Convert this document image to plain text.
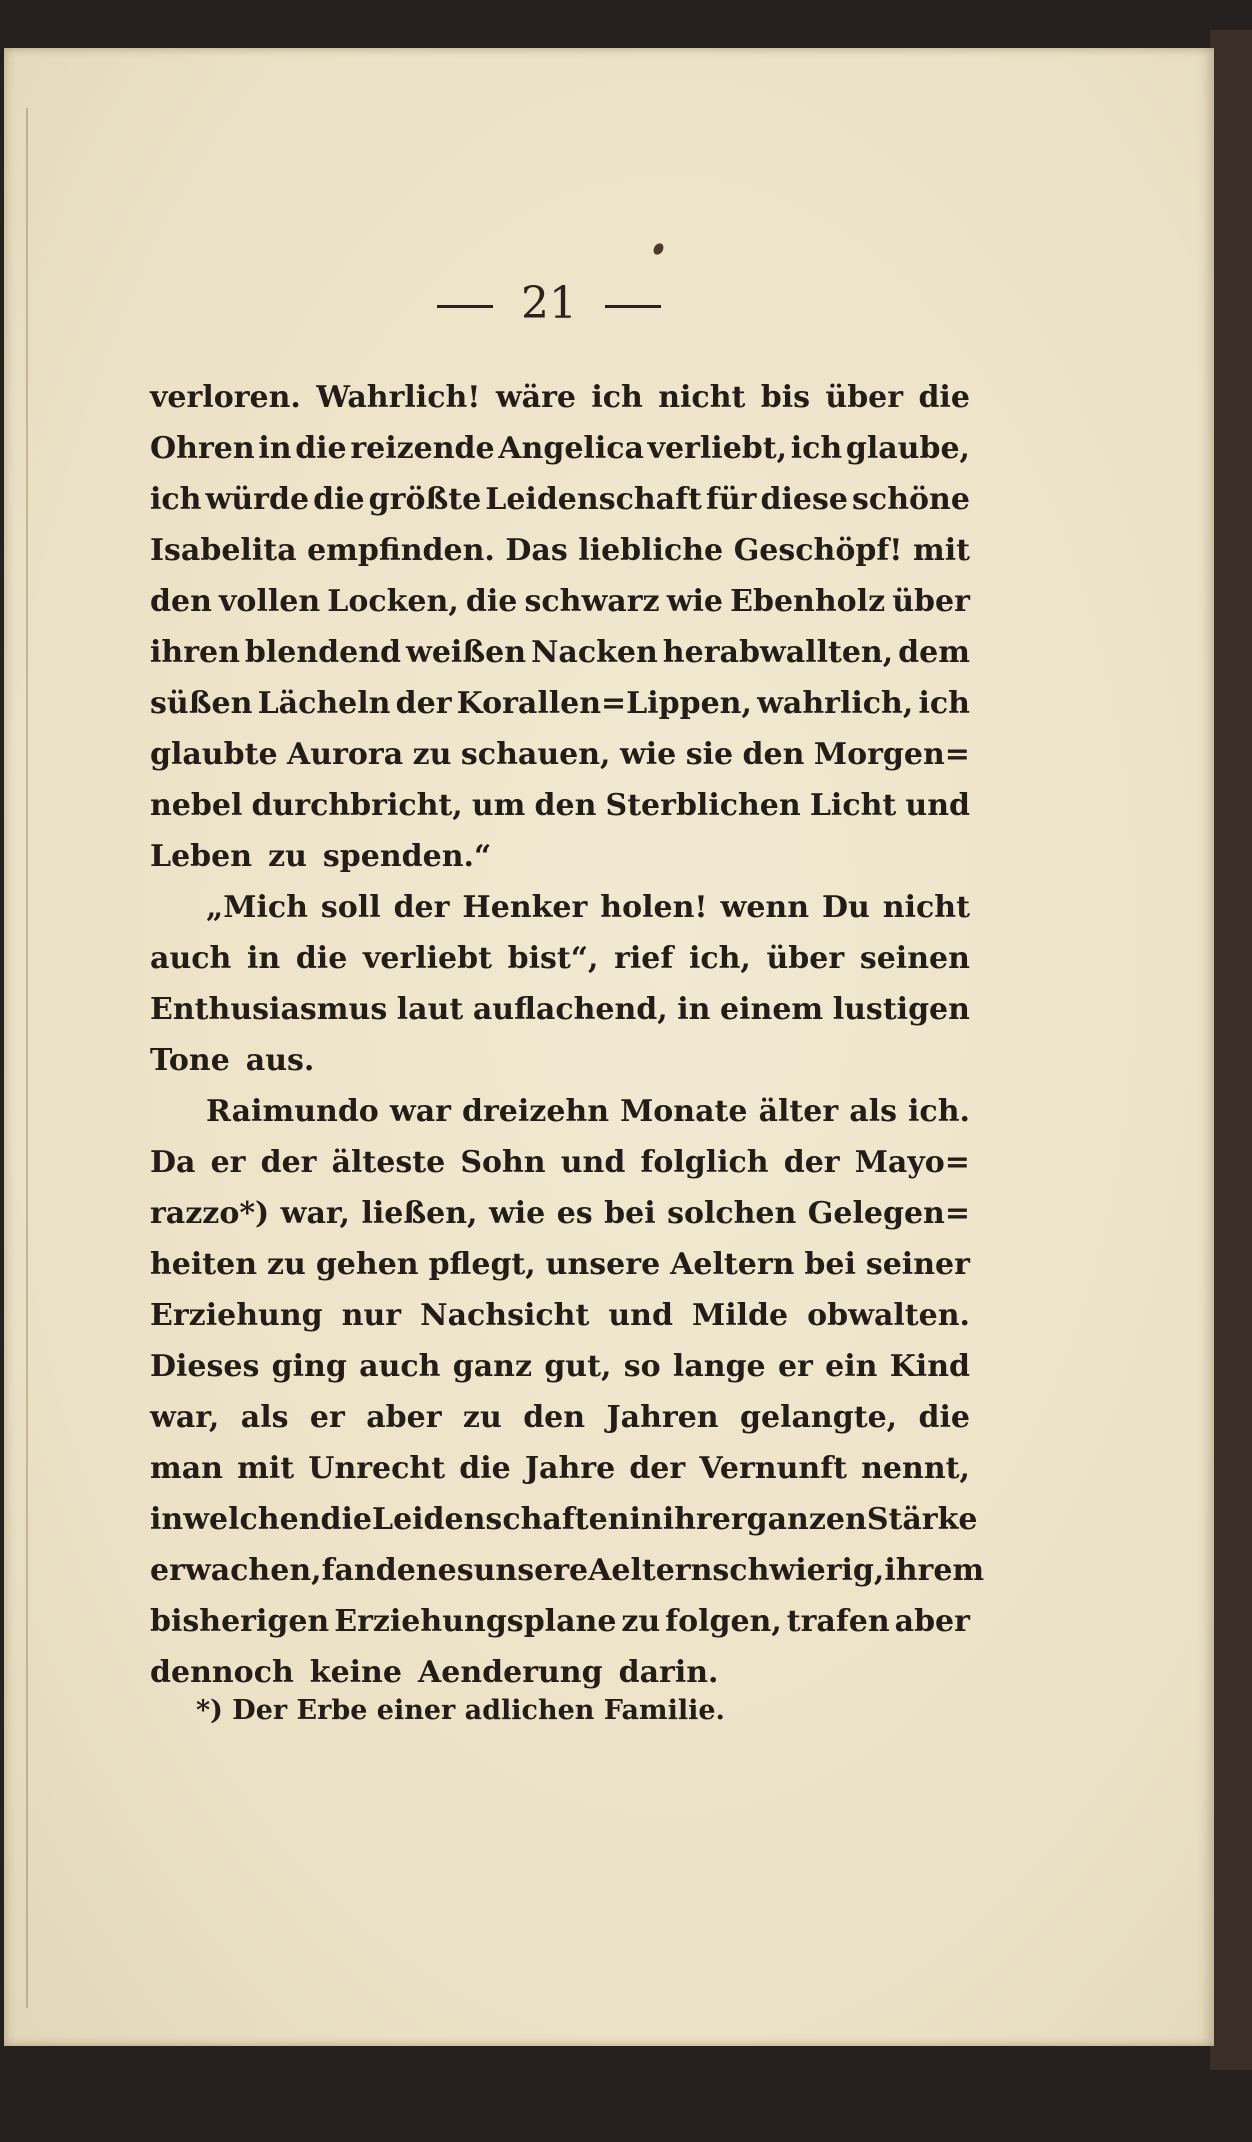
21
verloren. Wahrlich! wäre ich nicht bis über die
Ohren in die reizende Angelica verliebt, ich glaube,
ich würde die größte Leidenschaft für diese schöne
Isabelita empfinden. Das liebliche Geschöpf! mit
den vollen Locken, die schwarz wie Ebenholz über
ihren blendend weißen Nacken herabwallten, dem
süßen Lächeln der Korallen=Lippen, wahrlich, ich
glaubte Aurora zu schauen, wie sie den Morgen=
nebel durchbricht, um den Sterblichen Licht und
Leben zu spenden.“
„Mich soll der Henker holen! wenn Du nicht
auch in die verliebt bist“, rief ich, über seinen
Enthusiasmus laut auflachend, in einem lustigen
Tone aus.
Raimundo war dreizehn Monate älter als ich.
Da er der älteste Sohn und folglich der Mayo=
razzo*) war, ließen, wie es bei solchen Gelegen=
heiten zu gehen pflegt, unsere Aeltern bei seiner
Erziehung nur Nachsicht und Milde obwalten.
Dieses ging auch ganz gut, so lange er ein Kind
war, als er aber zu den Jahren gelangte, die
man mit Unrecht die Jahre der Vernunft nennt,
in welchen die Leidenschaften in ihrer ganzen Stärke
erwachen, fanden es unsere Aeltern schwierig, ihrem
bisherigen Erziehungsplane zu folgen, trafen aber
dennoch keine Aenderung darin.
*) Der Erbe einer adlichen Familie.
